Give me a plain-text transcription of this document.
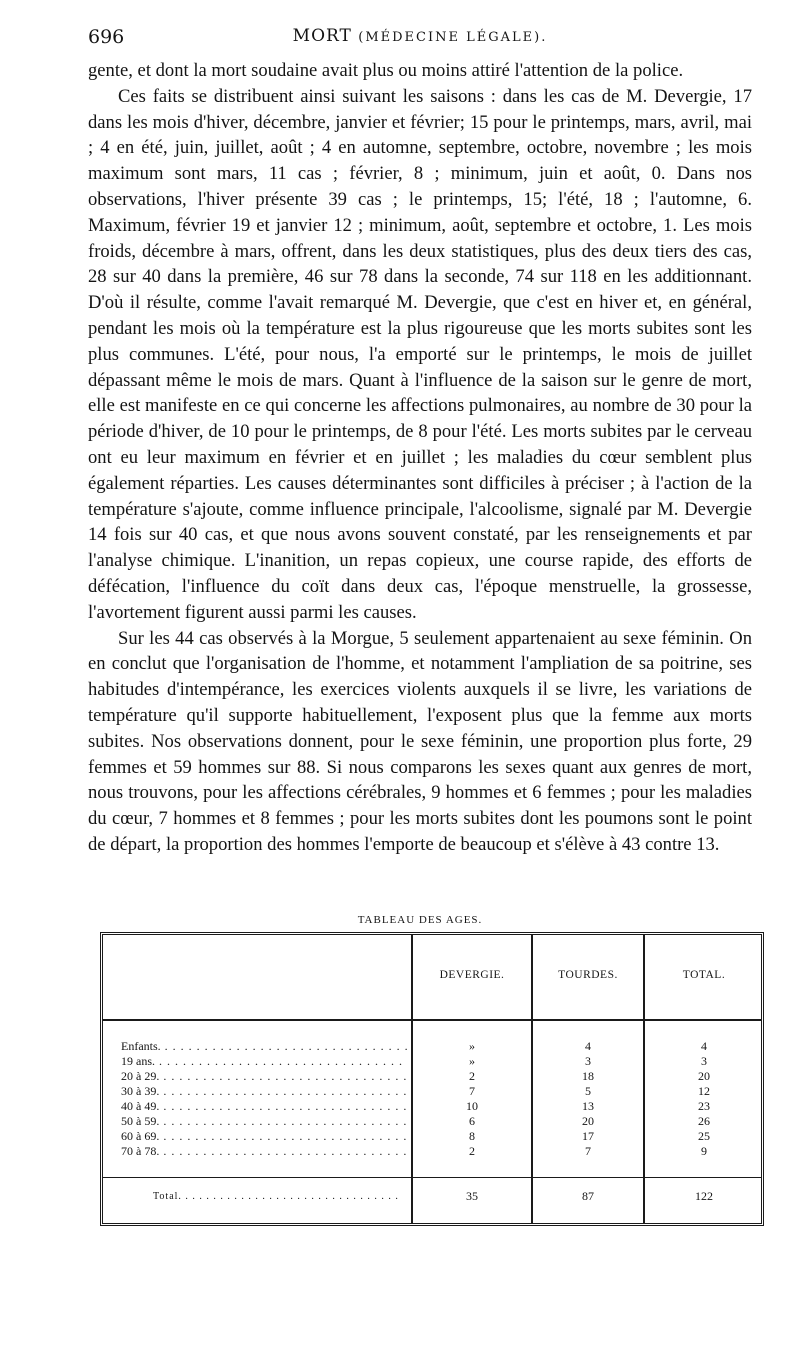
696	MORT (MÉDECINE LÉGALE).

gente, et dont la mort soudaine avait plus ou moins attiré l'attention de la police.

Ces faits se distribuent ainsi suivant les saisons : dans les cas de M. Devergie, 17 dans les mois d'hiver, décembre, janvier et février; 15 pour le printemps, mars, avril, mai ; 4 en été, juin, juillet, août ; 4 en automne, septembre, octobre, novembre ; les mois maximum sont mars, 11 cas ; février, 8 ; minimum, juin et août, 0. Dans nos observations, l'hiver présente 39 cas ; le printemps, 15; l'été, 18 ; l'automne, 6. Maximum, février 19 et janvier 12 ; minimum, août, septembre et octobre, 1. Les mois froids, décembre à mars, offrent, dans les deux statistiques, plus des deux tiers des cas, 28 sur 40 dans la première, 46 sur 78 dans la seconde, 74 sur 118 en les additionnant. D'où il résulte, comme l'avait remarqué M. Devergie, que c'est en hiver et, en général, pendant les mois où la température est la plus rigoureuse que les morts subites sont les plus communes. L'été, pour nous, l'a emporté sur le printemps, le mois de juillet dépassant même le mois de mars. Quant à l'influence de la saison sur le genre de mort, elle est manifeste en ce qui concerne les affections pulmonaires, au nombre de 30 pour la période d'hiver, de 10 pour le printemps, de 8 pour l'été. Les morts subites par le cerveau ont eu leur maximum en février et en juillet ; les maladies du cœur semblent plus également réparties. Les causes déterminantes sont difficiles à préciser ; à l'action de la température s'ajoute, comme influence principale, l'alcoolisme, signalé par M. Devergie 14 fois sur 40 cas, et que nous avons souvent constaté, par les renseignements et par l'analyse chimique. L'inanition, un repas copieux, une course rapide, des efforts de défécation, l'influence du coït dans deux cas, l'époque menstruelle, la grossesse, l'avortement figurent aussi parmi les causes.

Sur les 44 cas observés à la Morgue, 5 seulement appartenaient au sexe féminin. On en conclut que l'organisation de l'homme, et notamment l'ampliation de sa poitrine, ses habitudes d'intempérance, les exercices violents auxquels il se livre, les variations de température qu'il supporte habituellement, l'exposent plus que la femme aux morts subites. Nos observations donnent, pour le sexe féminin, une proportion plus forte, 29 femmes et 59 hommes sur 88. Si nous comparons les sexes quant aux genres de mort, nous trouvons, pour les affections cérébrales, 9 hommes et 6 femmes ; pour les maladies du cœur, 7 hommes et 8 femmes ; pour les morts subites dont les poumons sont le point de départ, la proportion des hommes l'emporte de beaucoup et s'élève à 43 contre 13.

TABLEAU DES AGES.
DEVERGIE.	TOURDES.	TOTAL.
Enfants. . . .	»	4	4
19 ans. . . .	»	3	3
20 à 29. . . .	2	18	20
30 à 39. . . .	7	5	12
40 à 49. . . .	10	13	23
50 à 59. . . .	6	20	26
60 à 69. . . .	8	17	25
70 à 78. . . .	2	7	9
Total. . . .	35	87	122
